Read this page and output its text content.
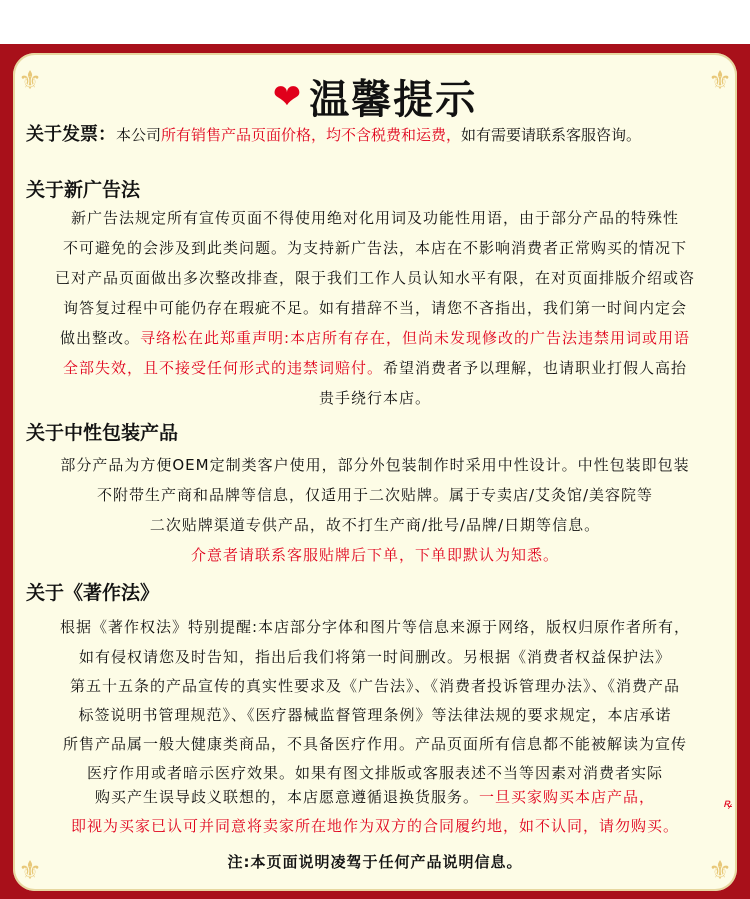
⚜	⚜
⚜	⚜
❤ 温馨提示
关于发票：本公司所有销售产品页面价格，均不含税费和运费，如有需要请联系客服咨询。
关于新广告法
新广告法规定所有宣传页面不得使用绝对化用词及功能性用语，由于部分产品的特殊性
不可避免的会涉及到此类问题。为支持新广告法，本店在不影响消费者正常购买的情况下
已对产品页面做出多次整改排查，限于我们工作人员认知水平有限，在对页面排版介绍或咨
询答复过程中可能仍存在瑕疵不足。如有措辞不当，请您不吝指出，我们第一时间内定会
做出整改。寻络松在此郑重声明:本店所有存在，但尚未发现修改的广告法违禁用词或用语
全部失效，且不接受任何形式的违禁词赔付。希望消费者予以理解，也请职业打假人高抬
贵手绕行本店。
关于中性包装产品
部分产品为方便OEM定制类客户使用，部分外包装制作时采用中性设计。中性包装即包装
不附带生产商和品牌等信息，仅适用于二次贴牌。属于专卖店/艾灸馆/美容院等
二次贴牌渠道专供产品，故不打生产商/批号/品牌/日期等信息。
介意者请联系客服贴牌后下单，下单即默认为知悉。
关于《著作法》
根据《著作权法》特别提醒:本店部分字体和图片等信息来源于网络，版权归原作者所有，
如有侵权请您及时告知，指出后我们将第一时间删改。另根据《消费者权益保护法》
第五十五条的产品宣传的真实性要求及《广告法》、《消费者投诉管理办法》、《消费产品
标签说明书管理规范》、《医疗器械监督管理条例》等法律法规的要求规定，本店承诺
所售产品属一般大健康类商品，不具备医疗作用。产品页面所有信息都不能被解读为宣传
医疗作用或者暗示医疗效果。如果有图文排版或客服表述不当等因素对消费者实际
购买产生误导歧义联想的，本店愿意遵循退换货服务。一旦买家购买本店产品，
即视为买家已认可并同意将卖家所在地作为双方的合同履约地，如不认同，请勿购买。
ꝶ
注:本页面说明凌驾于任何产品说明信息。
